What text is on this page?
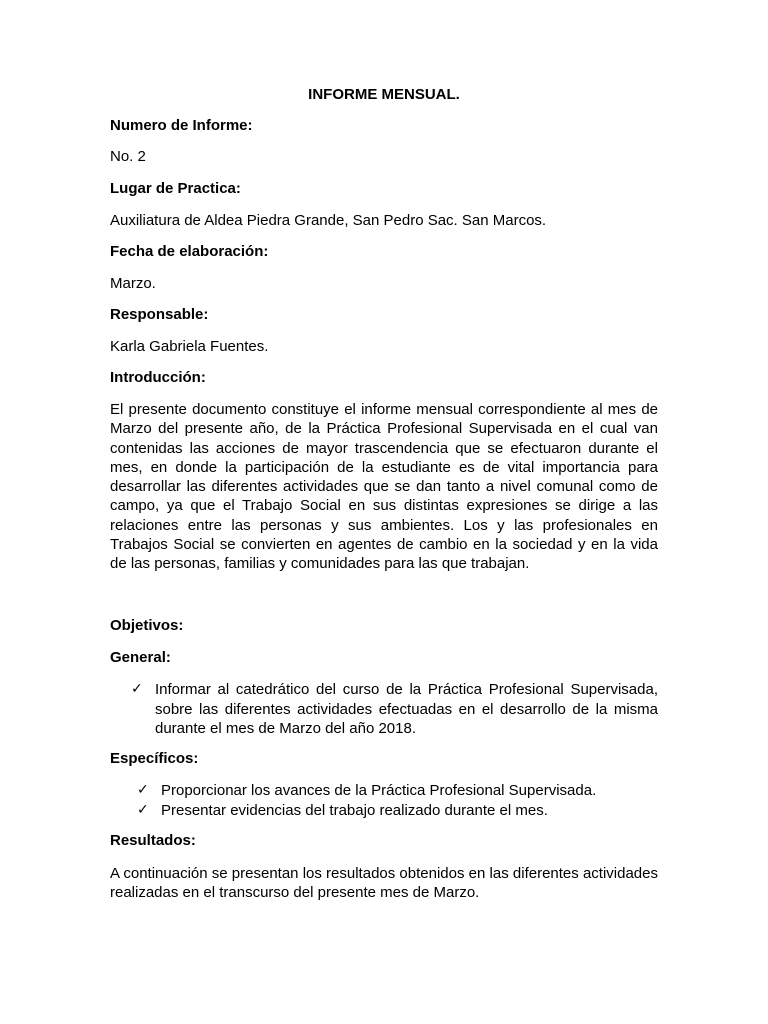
INFORME MENSUAL.
Numero de Informe:
No. 2
Lugar de Practica:
Auxiliatura de Aldea Piedra Grande, San Pedro Sac. San Marcos.
Fecha de elaboración:
Marzo.
Responsable:
Karla Gabriela Fuentes.
Introducción:
El presente documento constituye el informe mensual correspondiente al mes de Marzo del presente año, de la Práctica Profesional Supervisada en el cual van contenidas las acciones de mayor trascendencia que se efectuaron durante el mes, en donde la participación de la estudiante es de vital importancia para desarrollar las diferentes actividades que se dan tanto a nivel comunal como de campo, ya que el Trabajo Social en sus distintas expresiones se dirige a las relaciones entre las personas y sus ambientes. Los y las profesionales en Trabajos Social se convierten en agentes de cambio en la sociedad y en la vida de las personas, familias y comunidades para las que trabajan.
Objetivos:
General:
✓ Informar al catedrático del curso de la Práctica Profesional Supervisada, sobre las diferentes actividades efectuadas en el desarrollo de la misma durante el mes de Marzo del año 2018.
Específicos:
✓ Proporcionar los avances de la Práctica Profesional Supervisada.
✓ Presentar evidencias del trabajo realizado durante el mes.
Resultados:
A continuación se presentan los resultados obtenidos en las diferentes actividades realizadas en el transcurso del presente mes de Marzo.
